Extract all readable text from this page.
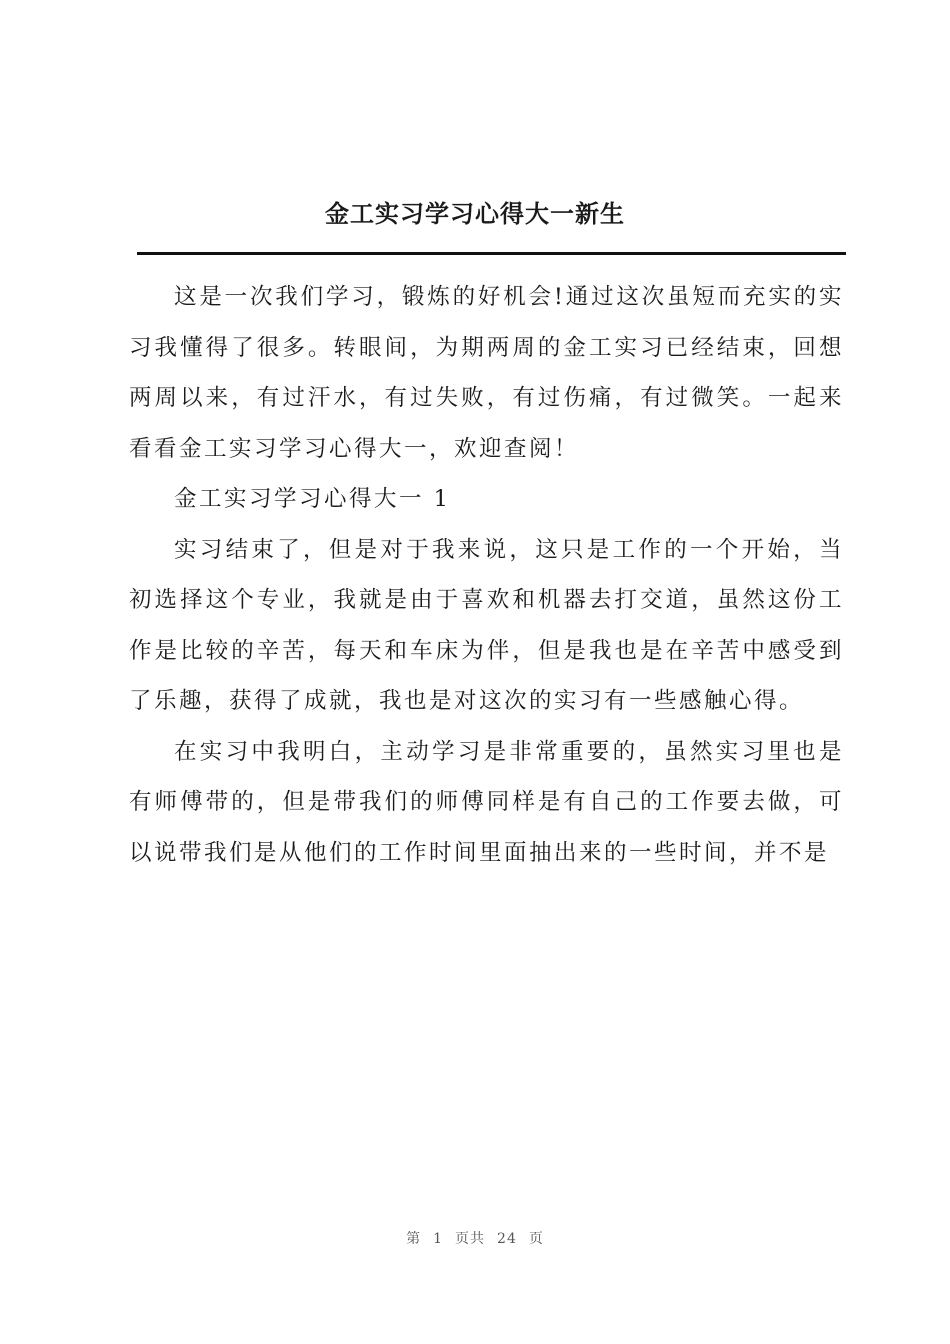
金工实习学习心得大一新生

这是一次我们学习，锻炼的好机会!通过这次虽短而充实的实习我懂得了很多。转眼间，为期两周的金工实习已经结束，回想两周以来，有过汗水，有过失败，有过伤痛，有过微笑。一起来看看金工实习学习心得大一，欢迎查阅！

金工实习学习心得大一 1

实习结束了，但是对于我来说，这只是工作的一个开始，当初选择这个专业，我就是由于喜欢和机器去打交道，虽然这份工作是比较的辛苦，每天和车床为伴，但是我也是在辛苦中感受到了乐趣，获得了成就，我也是对这次的实习有一些感触心得。

在实习中我明白，主动学习是非常重要的，虽然实习里也是有师傅带的，但是带我们的师傅同样是有自己的工作要去做，可以说带我们是从他们的工作时间里面抽出来的一些时间，并不是

第 1 页共 24 页
